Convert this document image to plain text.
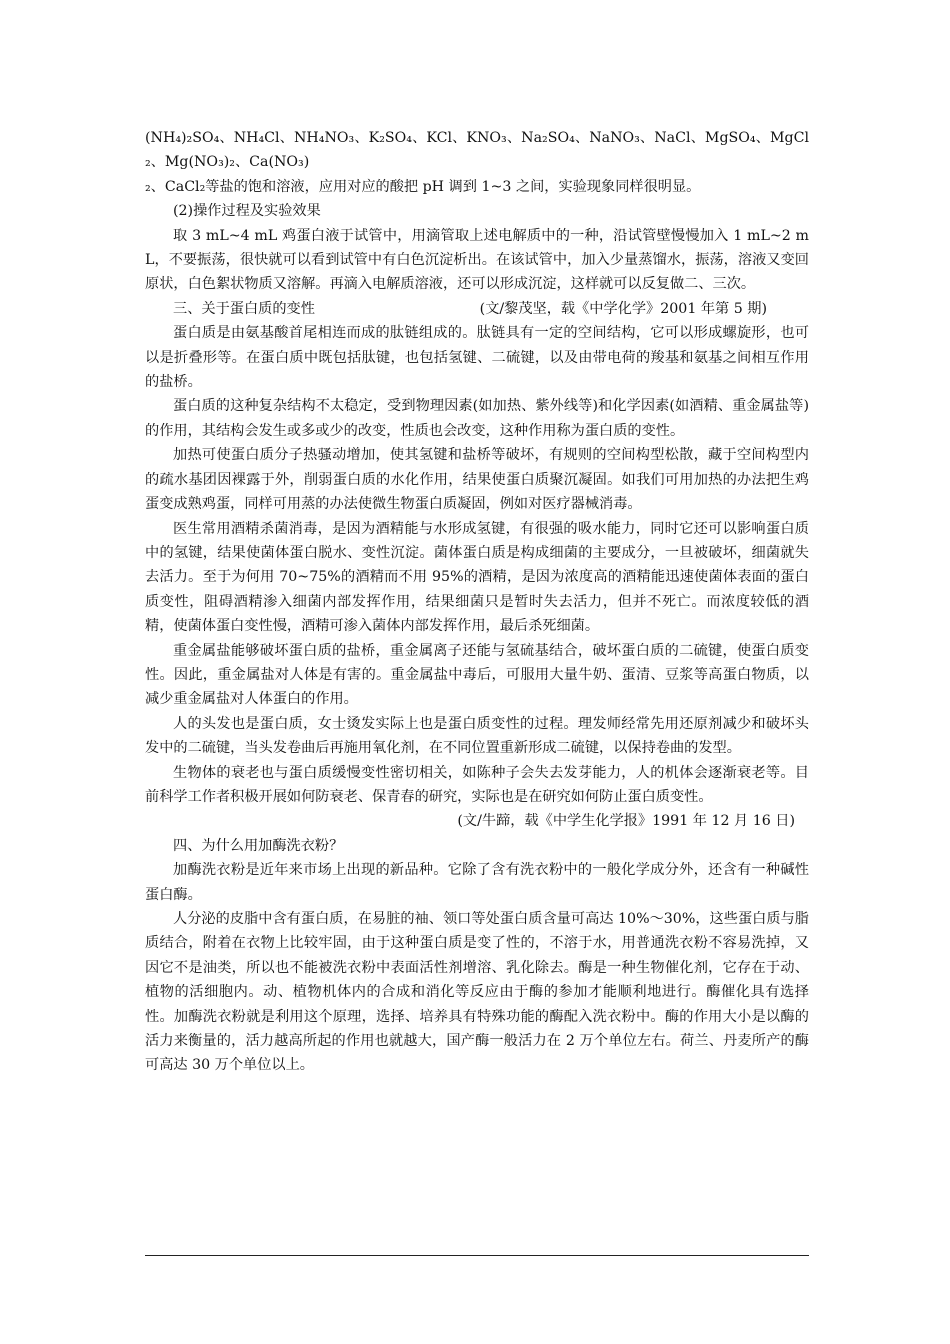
(NH₄)₂SO₄、NH₄Cl、NH₄NO₃、K₂SO₄、KCl、KNO₃、Na₂SO₄、NaNO₃、NaCl、MgSO₄、MgCl₂、Mg(NO₃)₂、Ca(NO₃)

₂、CaCl₂等盐的饱和溶液，应用对应的酸把 pH 调到 1~3 之间，实验现象同样很明显。

(2)操作过程及实验效果

取 3 mL~4 mL 鸡蛋白液于试管中，用滴管取上述电解质中的一种，沿试管壁慢慢加入 1 mL~2 mL，不要振荡，很快就可以看到试管中有白色沉淀析出。在该试管中，加入少量蒸馏水，振荡，溶液又变回原状，白色絮状物质又溶解。再滴入电解质溶液，还可以形成沉淀，这样就可以反复做二、三次。
(文/黎茂坚，载《中学化学》2001 年第 5 期)

三、关于蛋白质的变性

蛋白质是由氨基酸首尾相连而成的肽链组成的。肽链具有一定的空间结构，它可以形成螺旋形，也可以是折叠形等。在蛋白质中既包括肽键，也包括氢键、二硫键，以及由带电荷的羧基和氨基之间相互作用的盐桥。

蛋白质的这种复杂结构不太稳定，受到物理因素(如加热、紫外线等)和化学因素(如酒精、重金属盐等)的作用，其结构会发生或多或少的改变，性质也会改变，这种作用称为蛋白质的变性。

加热可使蛋白质分子热骚动增加，使其氢键和盐桥等破坏，有规则的空间构型松散，藏于空间构型内的疏水基团因裸露于外，削弱蛋白质的水化作用，结果使蛋白质聚沉凝固。如我们可用加热的办法把生鸡蛋变成熟鸡蛋，同样可用蒸的办法使微生物蛋白质凝固，例如对医疗器械消毒。

医生常用酒精杀菌消毒，是因为酒精能与水形成氢键，有很强的吸水能力，同时它还可以影响蛋白质中的氢键，结果使菌体蛋白脱水、变性沉淀。菌体蛋白质是构成细菌的主要成分，一旦被破坏，细菌就失去活力。至于为何用 70~75%的酒精而不用 95%的酒精，是因为浓度高的酒精能迅速使菌体表面的蛋白质变性，阻碍酒精渗入细菌内部发挥作用，结果细菌只是暂时失去活力，但并不死亡。而浓度较低的酒精，使菌体蛋白变性慢，酒精可渗入菌体内部发挥作用，最后杀死细菌。

重金属盐能够破坏蛋白质的盐桥，重金属离子还能与氢硫基结合，破坏蛋白质的二硫键，使蛋白质变性。因此，重金属盐对人体是有害的。重金属盐中毒后，可服用大量牛奶、蛋清、豆浆等高蛋白物质，以减少重金属盐对人体蛋白的作用。

人的头发也是蛋白质，女士烫发实际上也是蛋白质变性的过程。理发师经常先用还原剂减少和破坏头发中的二硫键，当头发卷曲后再施用氧化剂，在不同位置重新形成二硫键，以保持卷曲的发型。

生物体的衰老也与蛋白质缓慢变性密切相关，如陈种子会失去发芽能力，人的机体会逐渐衰老等。目前科学工作者积极开展如何防衰老、保青春的研究，实际也是在研究如何防止蛋白质变性。

(文/牛蹄，载《中学生化学报》1991 年 12 月 16 日)

四、为什么用加酶洗衣粉？

加酶洗衣粉是近年来市场上出现的新品种。它除了含有洗衣粉中的一般化学成分外，还含有一种碱性蛋白酶。

人分泌的皮脂中含有蛋白质，在易脏的袖、领口等处蛋白质含量可高达 10%～30%，这些蛋白质与脂质结合，附着在衣物上比较牢固，由于这种蛋白质是变了性的，不溶于水，用普通洗衣粉不容易洗掉，又因它不是油类，所以也不能被洗衣粉中表面活性剂增溶、乳化除去。酶是一种生物催化剂，它存在于动、植物的活细胞内。动、植物机体内的合成和消化等反应由于酶的参加才能顺利地进行。酶催化具有选择性。加酶洗衣粉就是利用这个原理，选择、培养具有特殊功能的酶配入洗衣粉中。酶的作用大小是以酶的活力来衡量的，活力越高所起的作用也就越大，国产酶一般活力在 2 万个单位左右。荷兰、丹麦所产的酶可高达 30 万个单位以上。
